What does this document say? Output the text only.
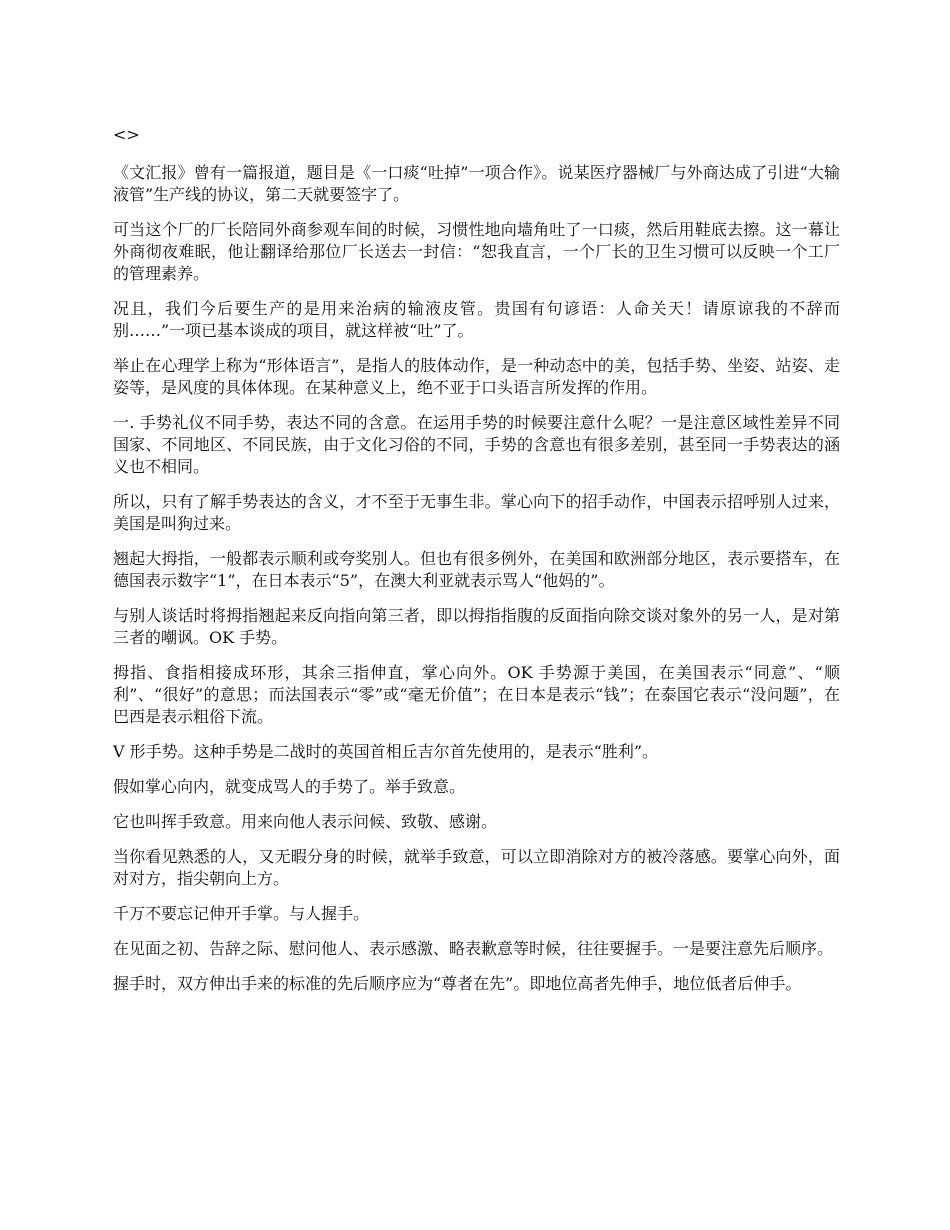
<>

《文汇报》曾有一篇报道，题目是《一口痰“吐掉”一项合作》。说某医疗器械厂与外商达成了引进“大输液管”生产线的协议，第二天就要签字了。

可当这个厂的厂长陪同外商参观车间的时候，习惯性地向墙角吐了一口痰，然后用鞋底去擦。这一幕让外商彻夜难眠，他让翻译给那位厂长送去一封信：“恕我直言，一个厂长的卫生习惯可以反映一个工厂的管理素养。

况且，我们今后要生产的是用来治病的输液皮管。贵国有句谚语：人命关天！请原谅我的不辞而别……”一项已基本谈成的项目，就这样被“吐”了。

举止在心理学上称为“形体语言”，是指人的肢体动作，是一种动态中的美，包括手势、坐姿、站姿、走姿等，是风度的具体体现。在某种意义上，绝不亚于口头语言所发挥的作用。

一. 手势礼仪不同手势，表达不同的含意。在运用手势的时候要注意什么呢？一是注意区域性差异不同国家、不同地区、不同民族，由于文化习俗的不同，手势的含意也有很多差别，甚至同一手势表达的涵义也不相同。

所以，只有了解手势表达的含义，才不至于无事生非。掌心向下的招手动作，中国表示招呼别人过来，美国是叫狗过来。

翘起大拇指，一般都表示顺利或夸奖别人。但也有很多例外，在美国和欧洲部分地区，表示要搭车，在德国表示数字“1”，在日本表示“5”，在澳大利亚就表示骂人“他妈的”。

与别人谈话时将拇指翘起来反向指向第三者，即以拇指指腹的反面指向除交谈对象外的另一人，是对第三者的嘲讽。OK 手势。

拇指、食指相接成环形，其余三指伸直，掌心向外。OK 手势源于美国，在美国表示“同意”、“顺利”、“很好”的意思；而法国表示“零”或“毫无价值”；在日本是表示“钱”；在泰国它表示“没问题”，在巴西是表示粗俗下流。

V 形手势。这种手势是二战时的英国首相丘吉尔首先使用的，是表示“胜利”。

假如掌心向内，就变成骂人的手势了。举手致意。

它也叫挥手致意。用来向他人表示问候、致敬、感谢。

当你看见熟悉的人，又无暇分身的时候，就举手致意，可以立即消除对方的被冷落感。要掌心向外，面对对方，指尖朝向上方。

千万不要忘记伸开手掌。与人握手。

在见面之初、告辞之际、慰问他人、表示感激、略表歉意等时候，往往要握手。一是要注意先后顺序。

握手时，双方伸出手来的标准的先后顺序应为“尊者在先”。即地位高者先伸手，地位低者后伸手。
